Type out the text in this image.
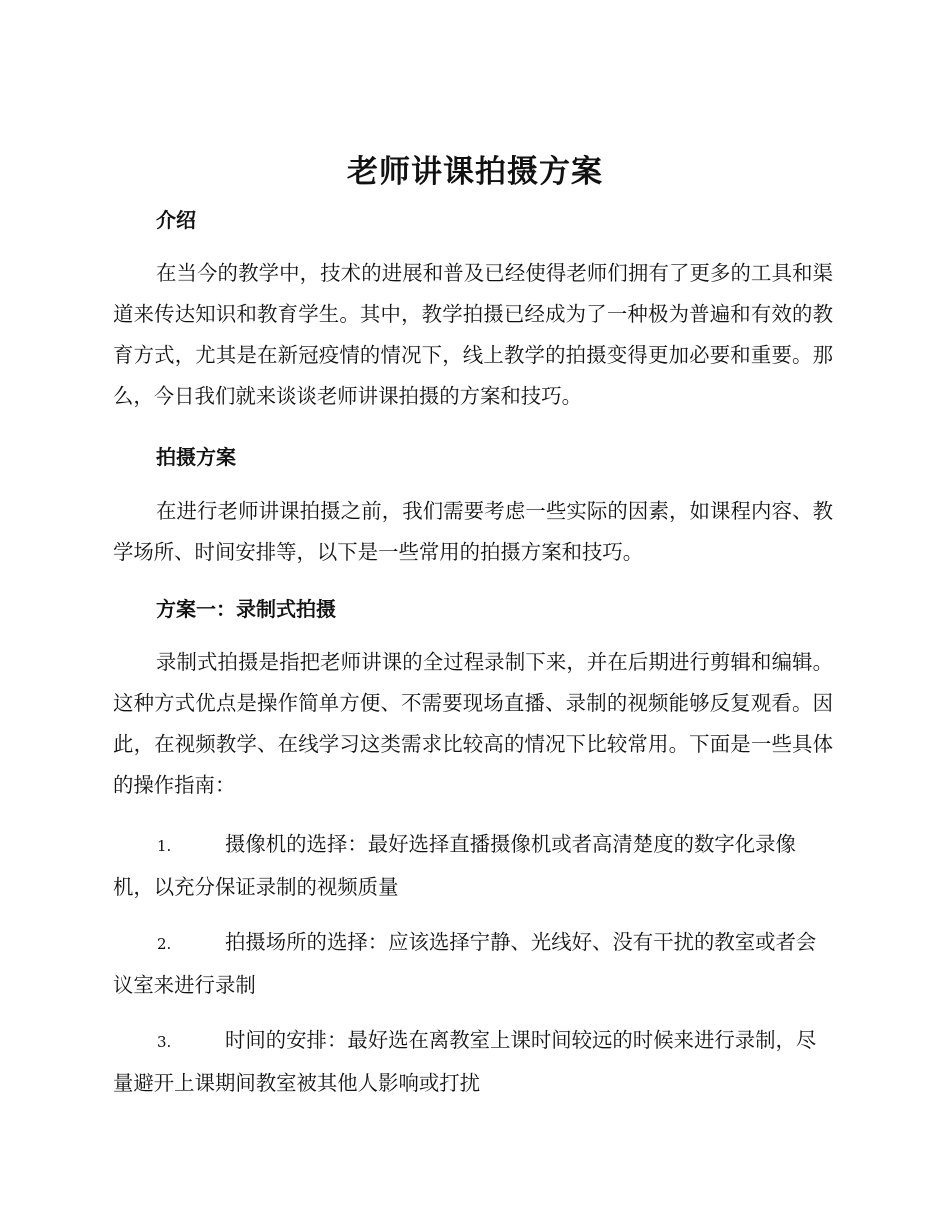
老师讲课拍摄方案
介绍

在当今的教学中，技术的进展和普及已经使得老师们拥有了更多的工具和渠道来传达知识和教育学生。其中，教学拍摄已经成为了一种极为普遍和有效的教育方式，尤其是在新冠疫情的情况下，线上教学的拍摄变得更加必要和重要。那么，今日我们就来谈谈老师讲课拍摄的方案和技巧。

拍摄方案

在进行老师讲课拍摄之前，我们需要考虑一些实际的因素，如课程内容、教学场所、时间安排等，以下是一些常用的拍摄方案和技巧。

方案一：录制式拍摄

录制式拍摄是指把老师讲课的全过程录制下来，并在后期进行剪辑和编辑。这种方式优点是操作简单方便、不需要现场直播、录制的视频能够反复观看。因此，在视频教学、在线学习这类需求比较高的情况下比较常用。下面是一些具体的操作指南：

1.	摄像机的选择：最好选择直播摄像机或者高清楚度的数字化录像机，以充分保证录制的视频质量

2.	拍摄场所的选择：应该选择宁静、光线好、没有干扰的教室或者会议室来进行录制

3.	时间的安排：最好选在离教室上课时间较远的时候来进行录制，尽量避开上课期间教室被其他人影响或打扰
